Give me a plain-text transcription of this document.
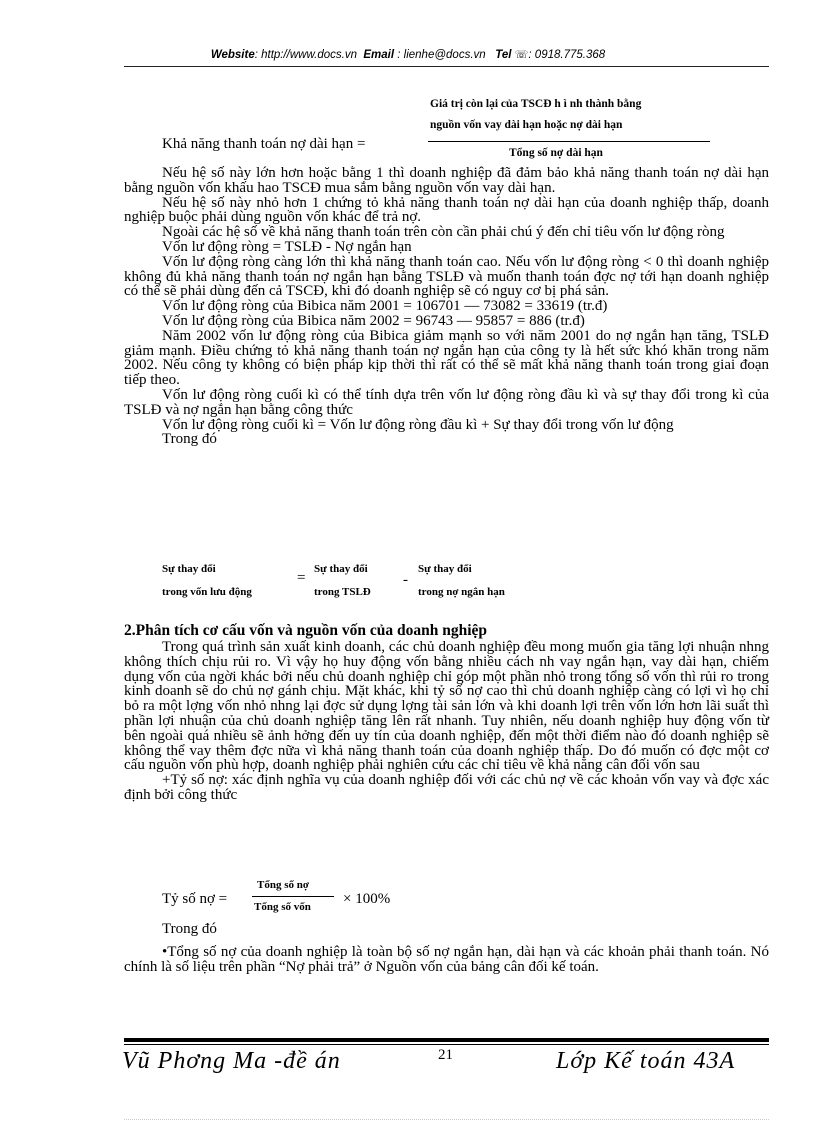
Website: http://www.docs.vn Email : lienhe@docs.vn Tel ☏: 0918.775.368
Giá trị còn lại của TSCĐ h ì nh thành bằng
nguồn vốn vay dài hạn hoặc nợ dài hạn
Khả năng thanh toán nợ dài hạn =
Tổng số nợ dài hạn

Nếu hệ số này lớn hơn hoặc bằng 1 thì doanh nghiệp đã đảm bảo khả năng thanh toán nợ dài hạn bằng nguồn vốn khấu hao TSCĐ mua sắm bằng nguồn vốn vay dài hạn.

Nếu hệ số này nhỏ hơn 1 chứng tỏ khả năng thanh toán nợ dài hạn của doanh nghiệp thấp, doanh nghiệp buộc phải dùng nguồn vốn khác để trả nợ.

Ngoài các hệ số về khả năng thanh toán trên còn cần phải chú ý đến chỉ tiêu vốn lư động ròng

Vốn lư động ròng = TSLĐ - Nợ ngắn hạn

Vốn lư động ròng càng lớn thì khả năng thanh toán cao. Nếu vốn lư động ròng < 0 thì doanh nghiệp không đủ khả năng thanh toán nợ ngắn hạn bằng TSLĐ và muốn thanh toán đợc nợ tới hạn doanh nghiệp có thể sẽ phải dùng đến cả TSCĐ, khi đó doanh nghiệp sẽ có nguy cơ bị phá sản.

Vốn lư động ròng của Bibica năm 2001 = 106701 — 73082 = 33619 (tr.đ)

Vốn lư động ròng của Bibica năm 2002 = 96743 — 95857 = 886 (tr.đ)

Năm 2002 vốn lư động ròng của Bibica giảm mạnh so với năm 2001 do nợ ngắn hạn tăng, TSLĐ giảm mạnh. Điều chứng tỏ khả năng thanh toán nợ ngắn hạn của công ty là hết sức khó khăn trong năm 2002. Nếu công ty không có biện pháp kịp thời thì rất có thể sẽ mất khả năng thanh toán trong giai đoạn tiếp theo.

Vốn lư động ròng cuối kì có thể tính dựa trên vốn lư động ròng đầu kì và sự thay đổi trong kì của TSLĐ và nợ ngắn hạn bằng công thức

Vốn lư động ròng cuối kì = Vốn lư động ròng đầu kì + Sự thay đổi trong vốn lư động

Trong đó

Sự thay đổi
trong vốn lưu động
=
Sự thay đổi
trong TSLĐ
-
Sự thay đổi
trong nợ ngắn hạn
2.Phân tích cơ cấu vốn và nguồn vốn của doanh nghiệp

Trong quá trình sản xuất kinh doanh, các chủ doanh nghiệp đều mong muốn gia tăng lợi nhuận nhng không thích chịu rủi ro. Vì vậy họ huy động vốn bằng nhiều cách nh vay ngắn hạn, vay dài hạn, chiếm dụng vốn của ngời khác bởi nếu chủ doanh nghiệp chỉ góp một phần nhỏ trong tổng số vốn thì rủi ro trong kinh doanh sẽ do chủ nợ gánh chịu. Mặt khác, khi tỷ số nợ cao thì chủ doanh nghiệp càng có lợi vì họ chỉ bỏ ra một lợng vốn nhỏ nhng lại đợc sử dụng lợng tài sản lớn và khi doanh lợi trên vốn lớn hơn lãi suất thì phần lợi nhuận của chủ doanh nghiệp tăng lên rất nhanh. Tuy nhiên, nếu doanh nghiệp huy động vốn từ bên ngoài quá nhiều sẽ ảnh hởng đến uy tín của doanh nghiệp, đến một thời điểm nào đó doanh nghiệp sẽ không thể vay thêm đợc nữa vì khả năng thanh toán của doanh nghiệp thấp. Do đó muốn có đợc một cơ cấu nguồn vốn phù hợp, doanh nghiệp phải nghiên cứu các chỉ tiêu về khả năng cân đối vốn sau

+Tỷ số nợ: xác định nghĩa vụ của doanh nghiệp đối với các chủ nợ về các khoản vốn vay và đợc xác định bởi công thức

Tỷ số nợ =
Tổng số nợ
Tổng số vốn × 100%
Trong đó

•Tổng số nợ của doanh nghiệp là toàn bộ số nợ ngắn hạn, dài hạn và các khoản phải thanh toán. Nó chính là số liệu trên phần “Nợ phải trả” ở Nguồn vốn của bảng cân đối kế toán.

Vũ Phơng Ma -đề án	21	Lớp Kế toán 43A
